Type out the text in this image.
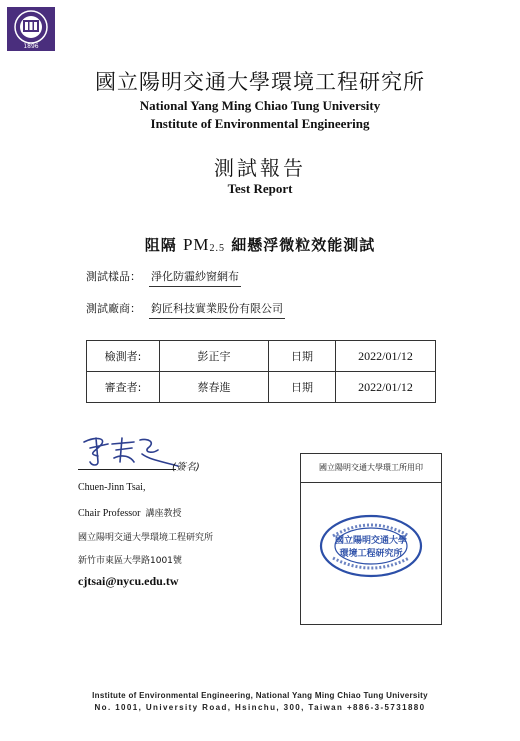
1896
國立陽明交通大學環境工程研究所
National Yang Ming Chiao Tung University
Institute of Environmental Engineering
測試報告
Test Report
阻隔 $PM_{2.5}$ 細懸浮微粒效能測試
測試樣品： 淨化防霾紗窗網布
測試廠商： 鈞匠科技實業股份有限公司
檢測者:	彭正宇	日期	2022/01/12
審查者:	蔡春進	日期	2022/01/12
(簽名)
Chuen-Jinn Tsai,
Chair Professor 講座教授
國立陽明交通大學環境工程研究所
新竹市東區大學路1001號
cjtsai@nycu.edu.tw
國立陽明交通大學環工所用印
國立陽明交通大學
環境工程研究所
Institute of Environmental Engineering, National Yang Ming Chiao Tung University
No. 1001, University Road, Hsinchu, 300, Taiwan +886-3-5731880
